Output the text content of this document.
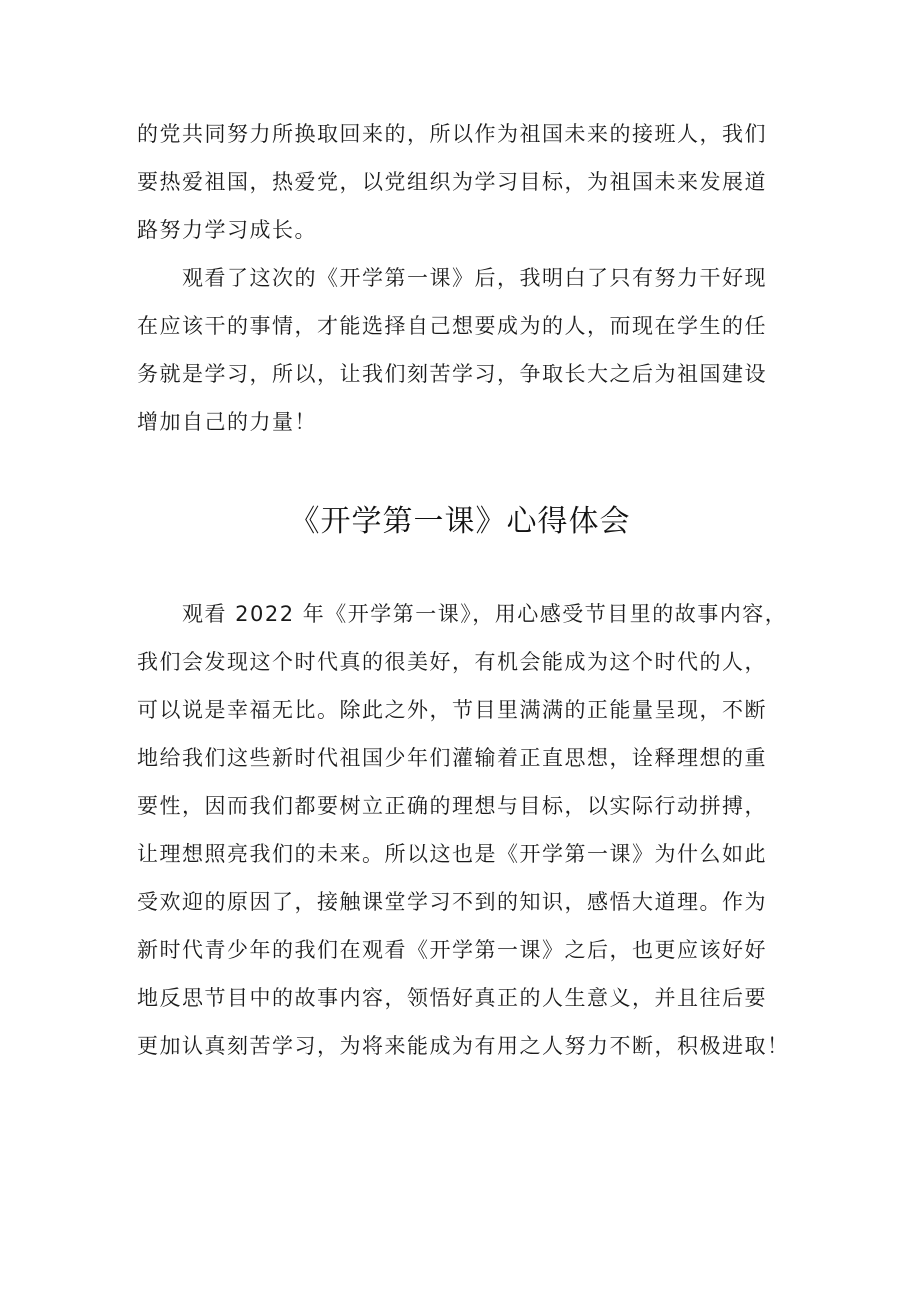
的党共同努力所换取回来的，所以作为祖国未来的接班人，我们
要热爱祖国，热爱党，以党组织为学习目标，为祖国未来发展道
路努力学习成长。
　　观看了这次的《开学第一课》后，我明白了只有努力干好现
在应该干的事情，才能选择自己想要成为的人，而现在学生的任
务就是学习，所以，让我们刻苦学习，争取长大之后为祖国建设
增加自己的力量！
《开学第一课》心得体会
　　观看 2022 年《开学第一课》，用心感受节目里的故事内容，
我们会发现这个时代真的很美好，有机会能成为这个时代的人，
可以说是幸福无比。除此之外，节目里满满的正能量呈现，不断
地给我们这些新时代祖国少年们灌输着正直思想，诠释理想的重
要性，因而我们都要树立正确的理想与目标，以实际行动拼搏，
让理想照亮我们的未来。所以这也是《开学第一课》为什么如此
受欢迎的原因了，接触课堂学习不到的知识，感悟大道理。作为
新时代青少年的我们在观看《开学第一课》之后，也更应该好好
地反思节目中的故事内容，领悟好真正的人生意义，并且往后要
更加认真刻苦学习，为将来能成为有用之人努力不断，积极进取！
